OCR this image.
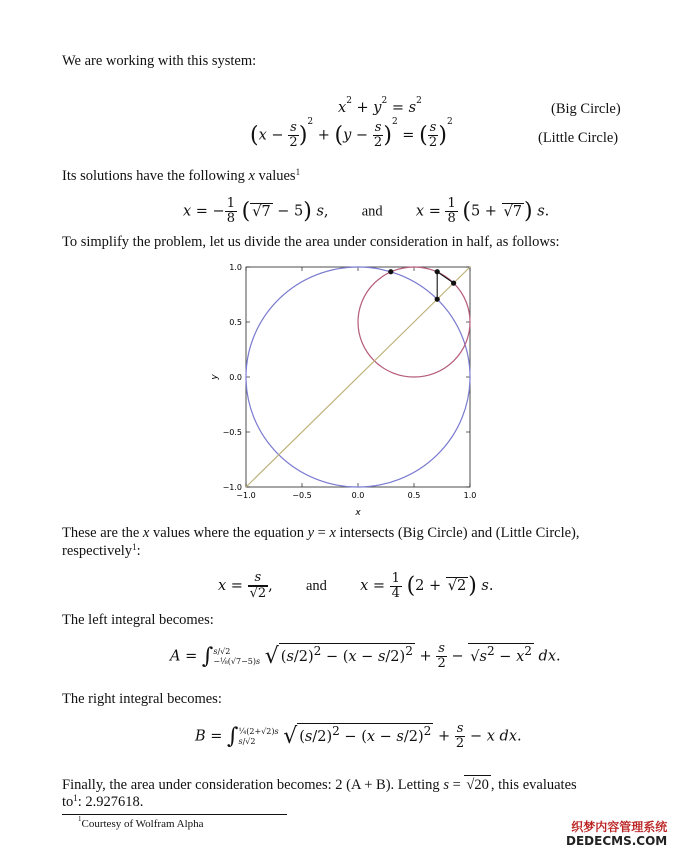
We are working with this system:
$x^2 + y^2 = s^2$	(Big Circle)
$(x - \frac{s}{2} )^2 + (y - \frac{s}{2} )^2$ = ( $\frac{s}{2} )^2$
(Little Circle)
Its solutions have the following x values$^1$
x = − $\frac{1}{8}$ ( √7 − 5) s,  and $x = \frac{1}{8} (5 + √7)$ s.
To simplify the problem, let us divide the area under consideration in half, as follows:
−1.0	−0.5	0.0	0.5	1.0
1.0
0.5
0.0
−0.5
−1.0
x
y
These are the x values where the equation y = x intersects (Big Circle) and (Little Circle),
respectively$^1$:
$x = \frac{s}{√2}$ ,  and $x = \frac{1}{4} (2 + √2)$ s.
The left integral becomes:
A = ∫s/√2
−⅛(√7−5)s √ $(s/2)^2 - (x - s/2)^2 + \frac{s}{2} - √s^2 - x^2$ dx.
The right integral becomes:
B = ∫¼(2+√2)s
s/√2 √ $(s/2)^2 - (x - s/2)^2 + \frac{s}{2} - x$ dx.
Finally, the area under consideration becomes: 2 (A + B). Letting s = √20 , this evaluates
$to^1$: 2.927618.
$^1$Courtesy of Wolfram Alpha	织梦内容管理系统
DEDECMS.COM
